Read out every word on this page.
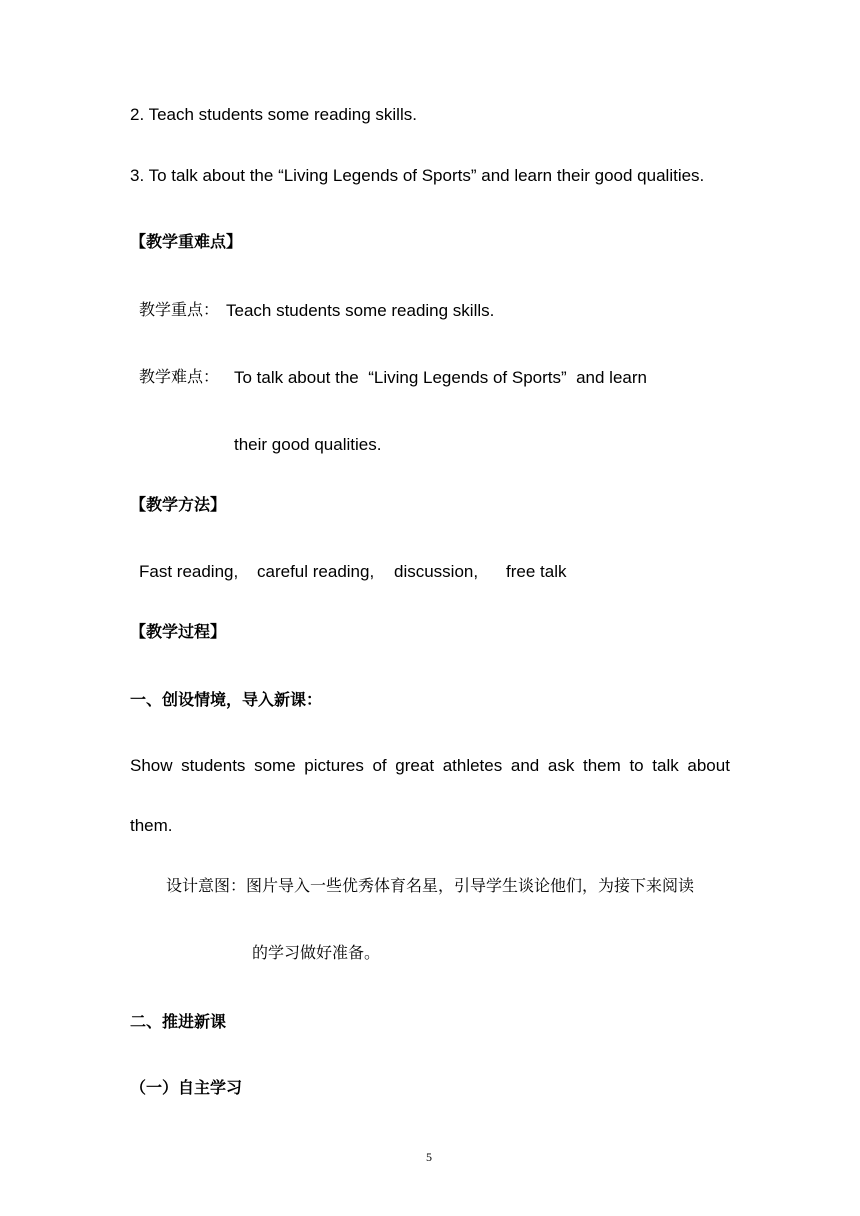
2. Teach students some reading skills.
3. To talk about the “Living Legends of Sports” and learn their good qualities.
【教学重难点】
教学重点： Teach students some reading skills.
教学难点： To talk about the  “Living Legends of Sports”  and learn
their good qualities.
【教学方法】
Fast reading, careful reading, discussion, free talk
【教学过程】
一、创设情境，导入新课：
Show students some pictures of great athletes and ask them to talk about
them.
设计意图：图片导入一些优秀体育名星，引导学生谈论他们，为接下来阅读
的学习做好准备。
二、推进新课
（一）自主学习
5
